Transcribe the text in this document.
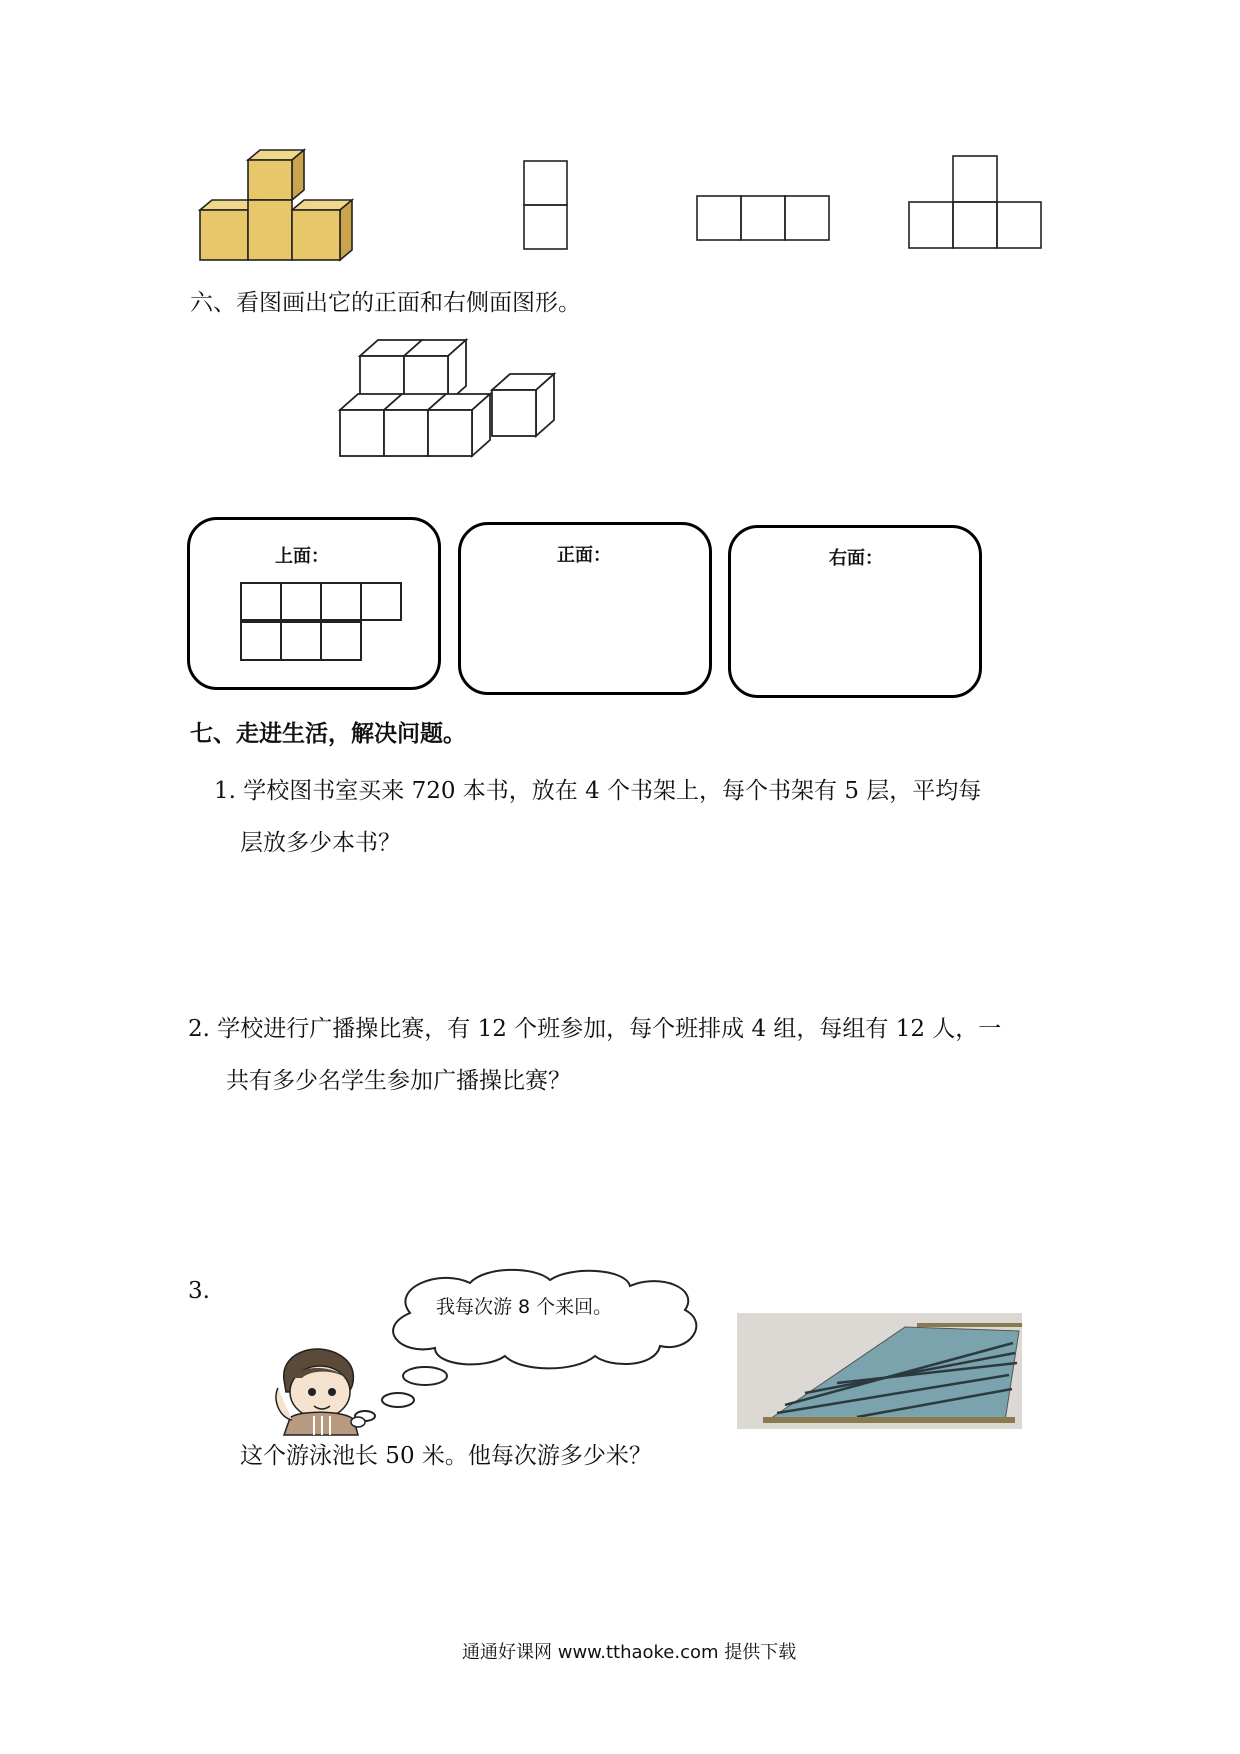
六、看图画出它的正面和右侧面图形。
上面：	正面：	右面：
七、走进生活，解决问题。
1. 学校图书室买来 720 本书，放在 4 个书架上，每个书架有 5 层，平均每
层放多少本书？
2. 学校进行广播操比赛，有 12 个班参加，每个班排成 4 组，每组有 12 人，一
共有多少名学生参加广播操比赛？
3.
我每次游 8 个来回。
这个游泳池长 50 米。他每次游多少米？
通通好课网 www.tthaoke.com 提供下载
